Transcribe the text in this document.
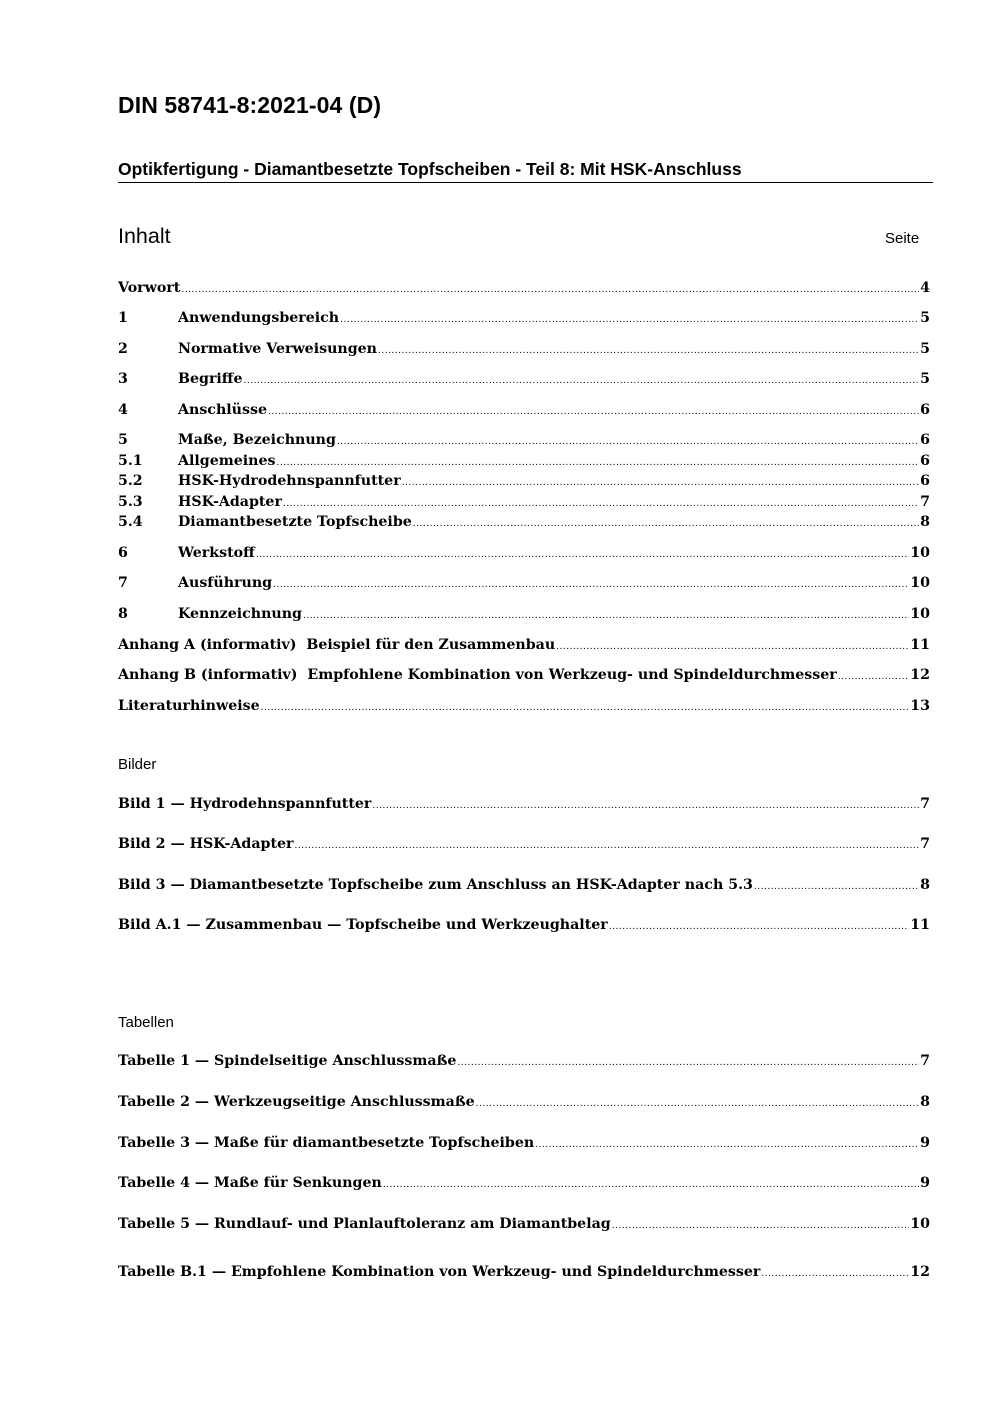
DIN 58741-8:2021-04 (D)
Optikfertigung - Diamantbesetzte Topfscheiben - Teil 8: Mit HSK-Anschluss
Inhalt	Seite
Vorwort .....	4
1	Anwendungsbereich .....	5
2	Normative Verweisungen .....	5
3	Begriffe .....	5
4	Anschlüsse .....	6
5	Maße, Bezeichnung .....	6
5.1	Allgemeines .....	6
5.2	HSK-Hydrodehnspannfutter .....	6
5.3	HSK-Adapter .....	7
5.4	Diamantbesetzte Topfscheibe .....	8
6	Werkstoff .....	10
7	Ausführung .....	10
8	Kennzeichnung .....	10
Anhang A (informativ)  Beispiel für den Zusammenbau .....	11
Anhang B (informativ)  Empfohlene Kombination von Werkzeug- und Spindeldurchmesser .....	12
Literaturhinweise .....	13
Bilder
Bild 1 — Hydrodehnspannfutter .....	7
Bild 2 — HSK-Adapter .....	7
Bild 3 — Diamantbesetzte Topfscheibe zum Anschluss an HSK-Adapter nach 5.3 .....	8
Bild A.1 — Zusammenbau — Topfscheibe und Werkzeughalter .....	11
Tabellen
Tabelle 1 — Spindelseitige Anschlussmaße .....	7
Tabelle 2 — Werkzeugseitige Anschlussmaße .....	8
Tabelle 3 — Maße für diamantbesetzte Topfscheiben .....	9
Tabelle 4 — Maße für Senkungen .....	9
Tabelle 5 — Rundlauf- und Planlauftoleranz am Diamantbelag .....	10
Tabelle B.1 — Empfohlene Kombination von Werkzeug- und Spindeldurchmesser .....	12
